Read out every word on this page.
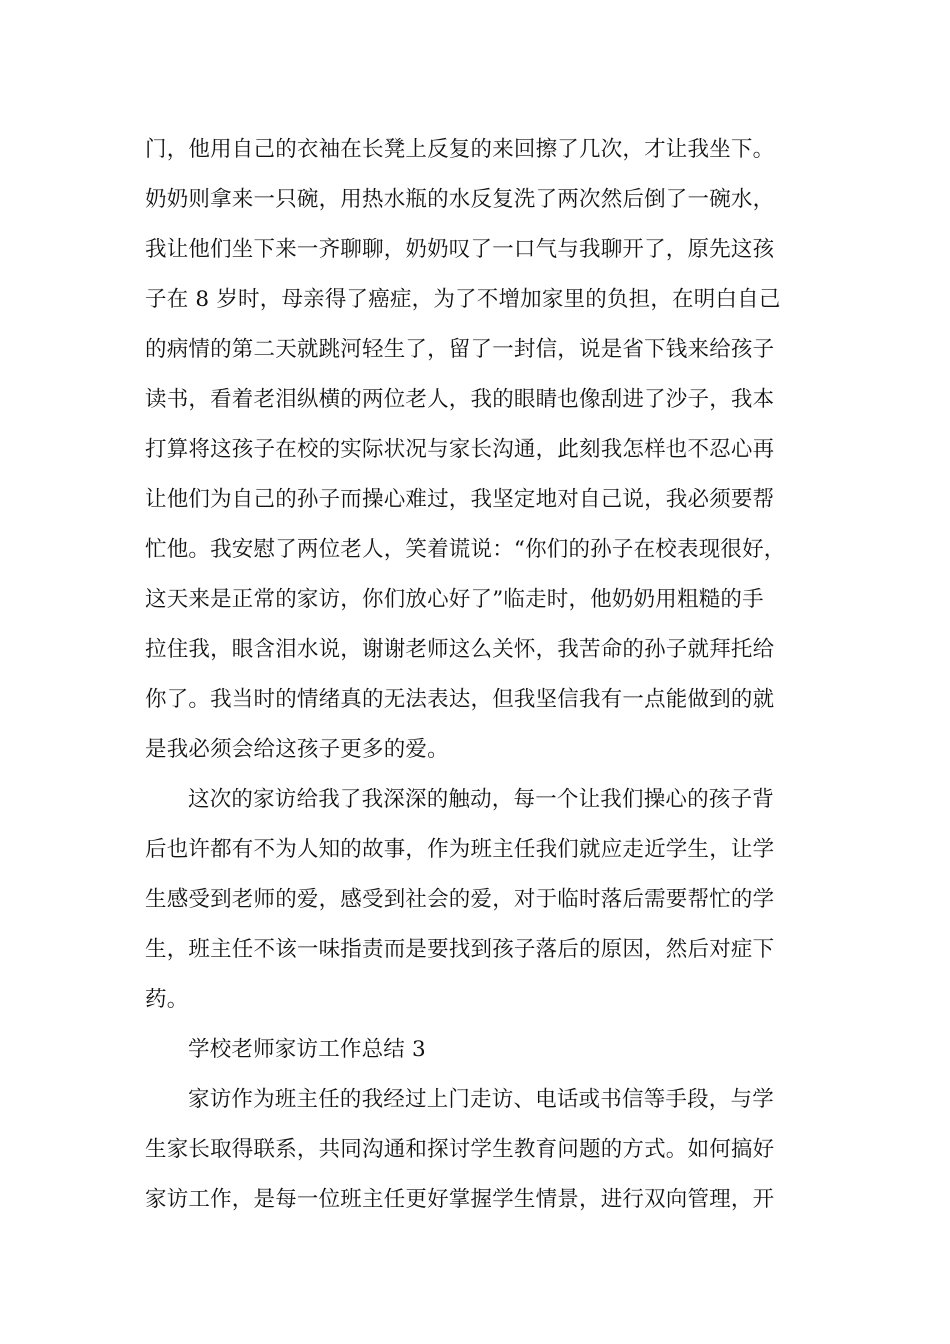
门，他用自己的衣袖在长凳上反复的来回擦了几次，才让我坐下。
奶奶则拿来一只碗，用热水瓶的水反复洗了两次然后倒了一碗水，
我让他们坐下来一齐聊聊，奶奶叹了一口气与我聊开了，原先这孩
子在 8 岁时，母亲得了癌症，为了不增加家里的负担，在明白自己
的病情的第二天就跳河轻生了，留了一封信，说是省下钱来给孩子
读书，看着老泪纵横的两位老人，我的眼睛也像刮进了沙子，我本
打算将这孩子在校的实际状况与家长沟通，此刻我怎样也不忍心再
让他们为自己的孙子而操心难过，我坚定地对自己说，我必须要帮
忙他。我安慰了两位老人，笑着谎说：“你们的孙子在校表现很好，
这天来是正常的家访，你们放心好了”临走时，他奶奶用粗糙的手
拉住我，眼含泪水说，谢谢老师这么关怀，我苦命的孙子就拜托给
你了。我当时的情绪真的无法表达，但我坚信我有一点能做到的就
是我必须会给这孩子更多的爱。
这次的家访给我了我深深的触动，每一个让我们操心的孩子背
后也许都有不为人知的故事，作为班主任我们就应走近学生，让学
生感受到老师的爱，感受到社会的爱，对于临时落后需要帮忙的学
生，班主任不该一味指责而是要找到孩子落后的原因，然后对症下
药。
学校老师家访工作总结 3
家访作为班主任的我经过上门走访、电话或书信等手段，与学
生家长取得联系，共同沟通和探讨学生教育问题的方式。如何搞好
家访工作，是每一位班主任更好掌握学生情景，进行双向管理，开
